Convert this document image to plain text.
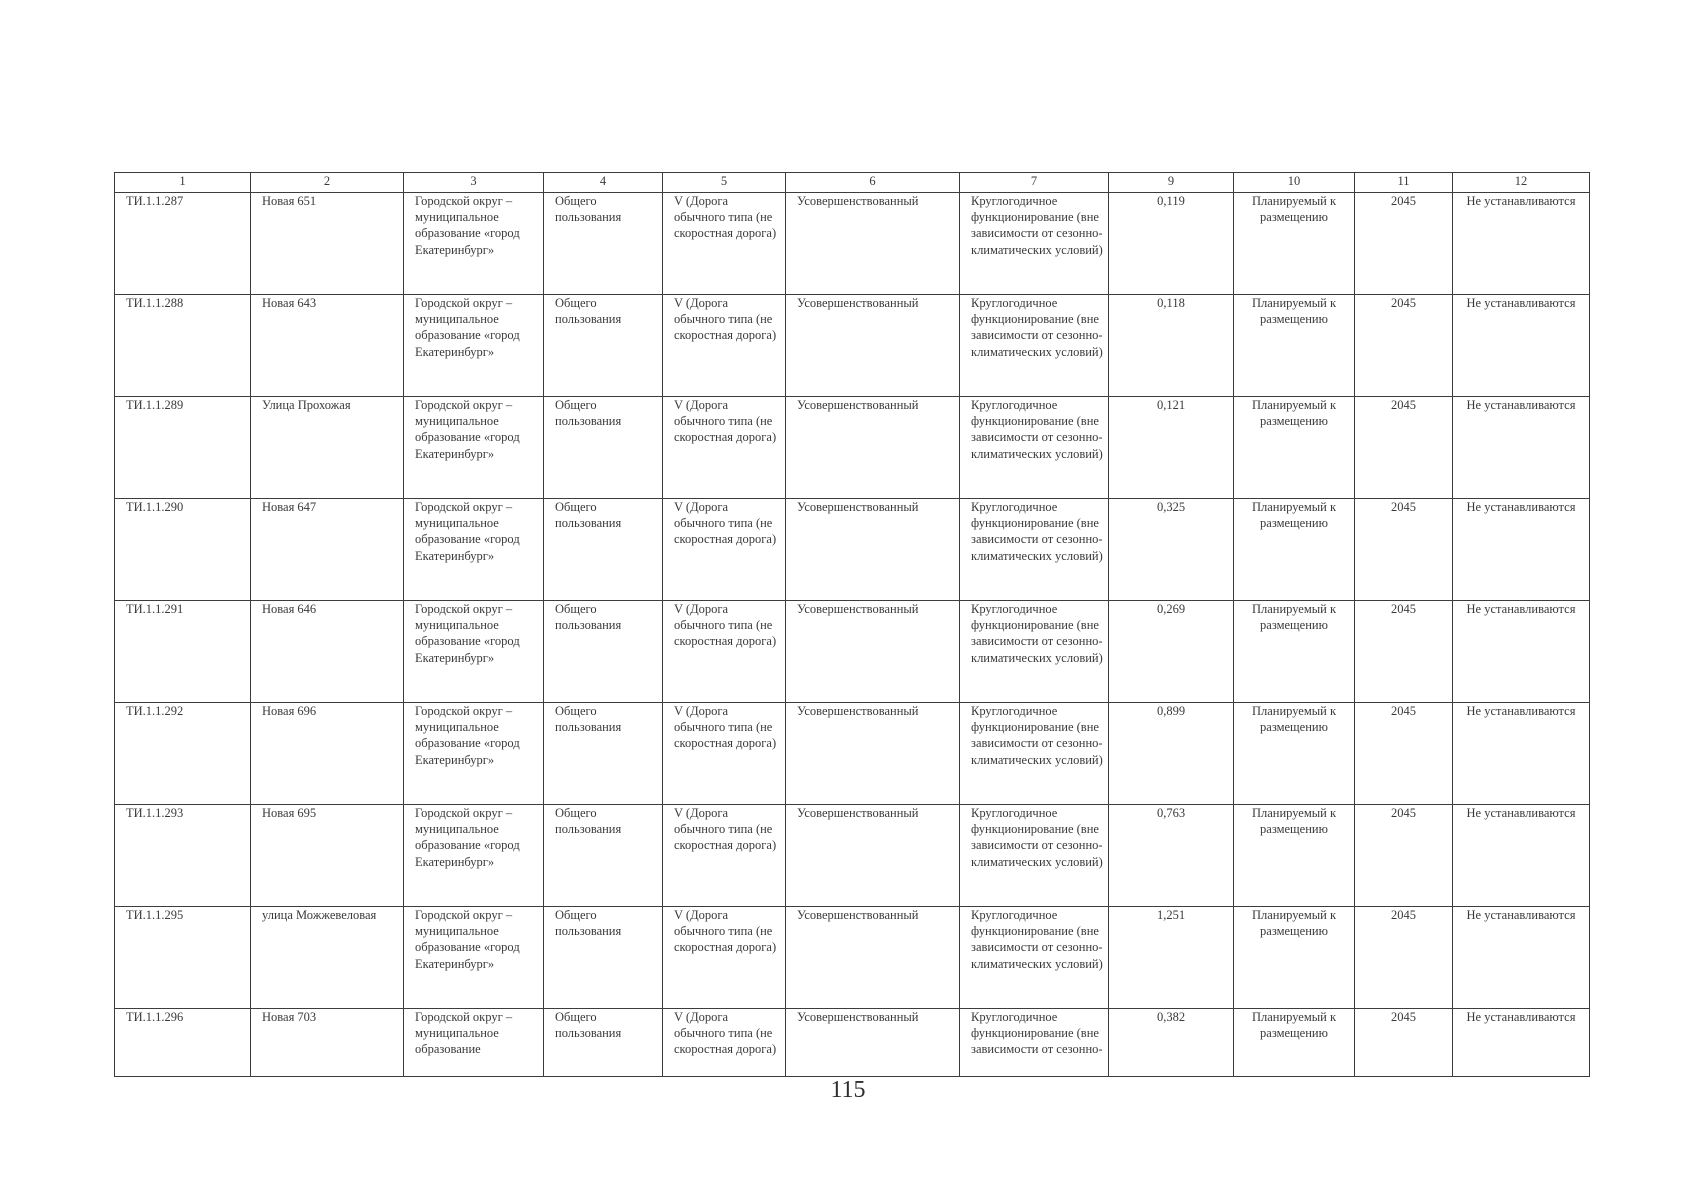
1	2	3	4	5	6	7	9	10	11	12
ТИ.1.1.287	Новая 651	Городской округ – муниципальное образование «город Екатеринбург»	Общего пользования	V (Дорога обычного типа (не скоростная дорога)	Усовершенствованный	Круглогодичное функционирование (вне зависимости от сезонно-климатических условий)	0,119	Планируемый к размещению	2045	Не устанавливаются
ТИ.1.1.288	Новая 643	Городской округ – муниципальное образование «город Екатеринбург»	Общего пользования	V (Дорога обычного типа (не скоростная дорога)	Усовершенствованный	Круглогодичное функционирование (вне зависимости от сезонно-климатических условий)	0,118	Планируемый к размещению	2045	Не устанавливаются
ТИ.1.1.289	Улица Прохожая	Городской округ – муниципальное образование «город Екатеринбург»	Общего пользования	V (Дорога обычного типа (не скоростная дорога)	Усовершенствованный	Круглогодичное функционирование (вне зависимости от сезонно-климатических условий)	0,121	Планируемый к размещению	2045	Не устанавливаются
ТИ.1.1.290	Новая 647	Городской округ – муниципальное образование «город Екатеринбург»	Общего пользования	V (Дорога обычного типа (не скоростная дорога)	Усовершенствованный	Круглогодичное функционирование (вне зависимости от сезонно-климатических условий)	0,325	Планируемый к размещению	2045	Не устанавливаются
ТИ.1.1.291	Новая 646	Городской округ – муниципальное образование «город Екатеринбург»	Общего пользования	V (Дорога обычного типа (не скоростная дорога)	Усовершенствованный	Круглогодичное функционирование (вне зависимости от сезонно-климатических условий)	0,269	Планируемый к размещению	2045	Не устанавливаются
ТИ.1.1.292	Новая 696	Городской округ – муниципальное образование «город Екатеринбург»	Общего пользования	V (Дорога обычного типа (не скоростная дорога)	Усовершенствованный	Круглогодичное функционирование (вне зависимости от сезонно-климатических условий)	0,899	Планируемый к размещению	2045	Не устанавливаются
ТИ.1.1.293	Новая 695	Городской округ – муниципальное образование «город Екатеринбург»	Общего пользования	V (Дорога обычного типа (не скоростная дорога)	Усовершенствованный	Круглогодичное функционирование (вне зависимости от сезонно-климатических условий)	0,763	Планируемый к размещению	2045	Не устанавливаются
ТИ.1.1.295	улица Можжевеловая	Городской округ – муниципальное образование «город Екатеринбург»	Общего пользования	V (Дорога обычного типа (не скоростная дорога)	Усовершенствованный	Круглогодичное функционирование (вне зависимости от сезонно-климатических условий)	1,251	Планируемый к размещению	2045	Не устанавливаются
ТИ.1.1.296	Новая 703	Городской округ – муниципальное образование	Общего пользования	V (Дорога обычного типа (не скоростная дорога)	Усовершенствованный	Круглогодичное функционирование (вне зависимости от сезонно-	0,382	Планируемый к размещению	2045	Не устанавливаются
115
